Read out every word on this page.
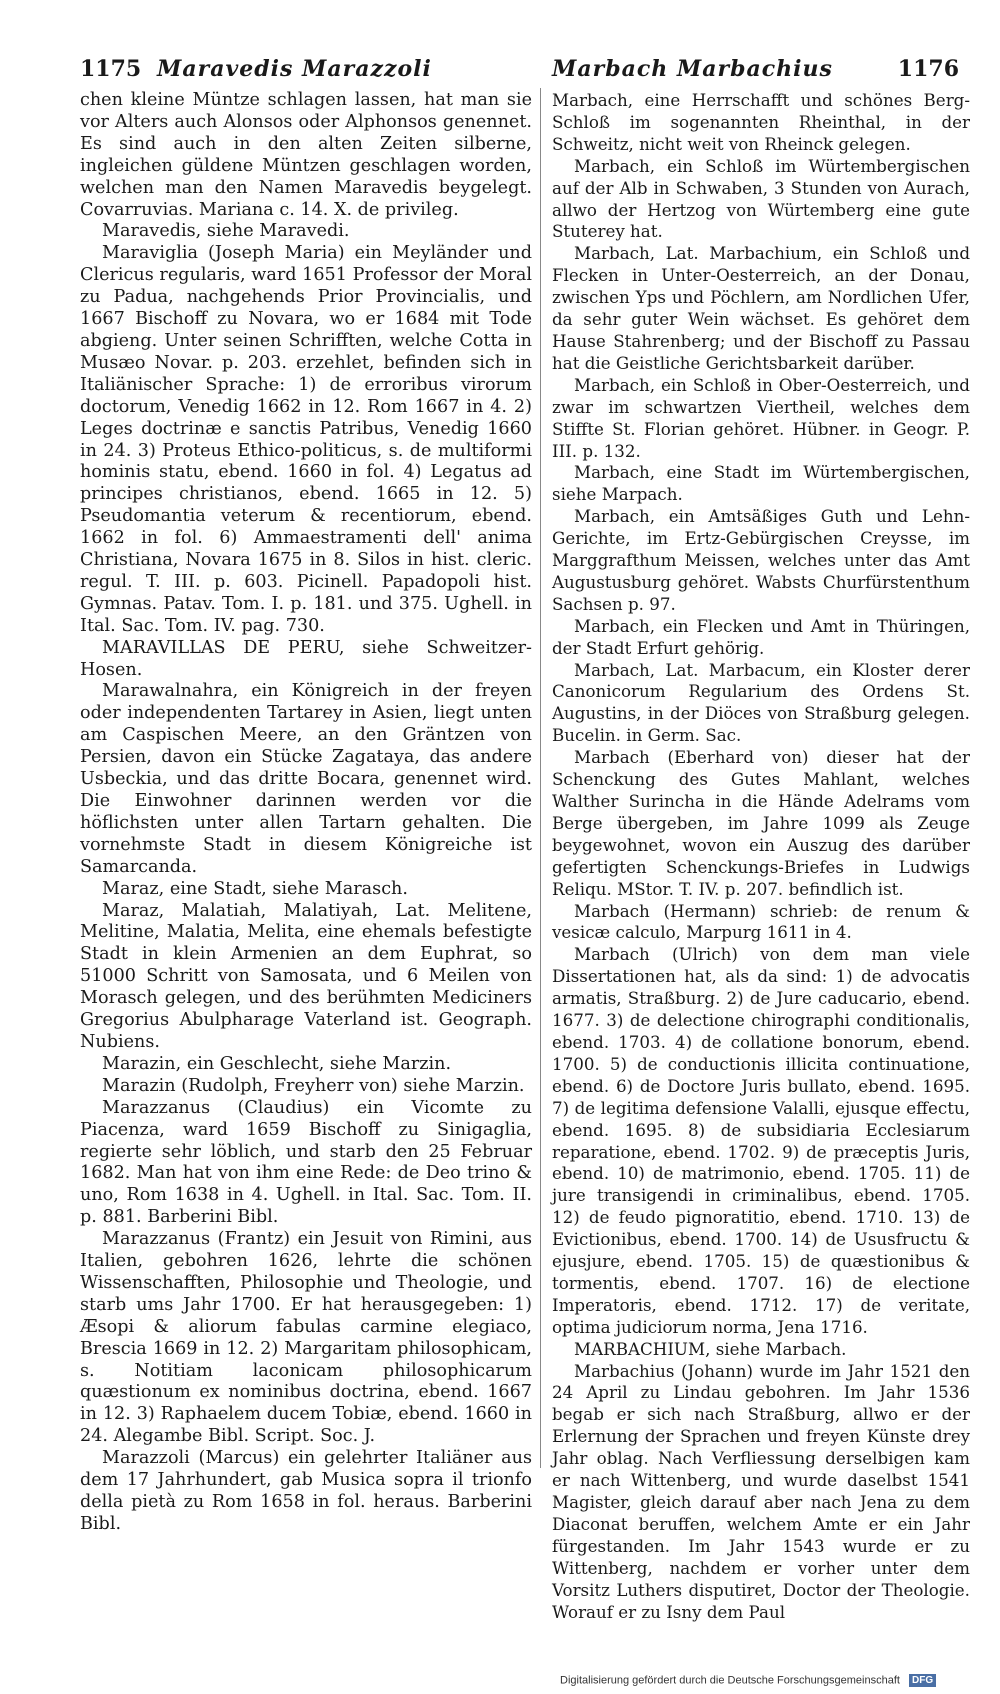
1175 Maravedis Marazzoli	Marbach Marbachius	1176

chen kleine Müntze schlagen lassen, hat man sie vor Alters auch Alonsos oder Alphonsos genennet. Es sind auch in den alten Zeiten silberne, ingleichen güldene Müntzen geschlagen worden, welchen man den Namen Maravedis beygelegt. Covarruvias. Mariana c. 14. X. de privileg.

Maravedis, siehe Maravedi.

Maraviglia (Joseph Maria) ein Meyländer und Clericus regularis, ward 1651 Professor der Moral zu Padua, nachgehends Prior Provincialis, und 1667 Bischoff zu Novara, wo er 1684 mit Tode abgieng. Unter seinen Schrifften, welche Cotta in Musæo Novar. p. 203. erzehlet, befinden sich in Italiänischer Sprache: 1) de erroribus virorum doctorum, Venedig 1662 in 12. Rom 1667 in 4. 2) Leges doctrinæ e sanctis Patribus, Venedig 1660 in 24. 3) Proteus Ethico-politicus, s. de multiformi hominis statu, ebend. 1660 in fol. 4) Legatus ad principes christianos, ebend. 1665 in 12. 5) Pseudomantia veterum & recentiorum, ebend. 1662 in fol. 6) Ammaestramenti dell' anima Christiana, Novara 1675 in 8. Silos in hist. cleric. regul. T. III. p. 603. Picinell. Papadopoli hist. Gymnas. Patav. Tom. I. p. 181. und 375. Ughell. in Ital. Sac. Tom. IV. pag. 730.

MARAVILLAS DE PERU, siehe Schweitzer-Hosen.

Marawalnahra, ein Königreich in der freyen oder independenten Tartarey in Asien, liegt unten am Caspischen Meere, an den Gräntzen von Persien, davon ein Stücke Zagataya, das andere Usbeckia, und das dritte Bocara, genennet wird. Die Einwohner darinnen werden vor die höflichsten unter allen Tartarn gehalten. Die vornehmste Stadt in diesem Königreiche ist Samarcanda.

Maraz, eine Stadt, siehe Marasch.

Maraz, Malatiah, Malatiyah, Lat. Melitene, Melitine, Malatia, Melita, eine ehemals befestigte Stadt in klein Armenien an dem Euphrat, so 51000 Schritt von Samosata, und 6 Meilen von Morasch gelegen, und des berühmten Mediciners Gregorius Abulpharage Vaterland ist. Geograph. Nubiens.

Marazin, ein Geschlecht, siehe Marzin.

Marazin (Rudolph, Freyherr von) siehe Marzin.

Marazzanus (Claudius) ein Vicomte zu Piacenza, ward 1659 Bischoff zu Sinigaglia, regierte sehr löblich, und starb den 25 Februar 1682. Man hat von ihm eine Rede: de Deo trino & uno, Rom 1638 in 4. Ughell. in Ital. Sac. Tom. II. p. 881. Barberini Bibl.

Marazzanus (Frantz) ein Jesuit von Rimini, aus Italien, gebohren 1626, lehrte die schönen Wissenschafften, Philosophie und Theologie, und starb ums Jahr 1700. Er hat herausgegeben: 1) Æsopi & aliorum fabulas carmine elegiaco, Brescia 1669 in 12. 2) Margaritam philosophicam, s. Notitiam laconicam philosophicarum quæstionum ex nominibus doctrina, ebend. 1667 in 12. 3) Raphaelem ducem Tobiæ, ebend. 1660 in 24. Alegambe Bibl. Script. Soc. J.

Marazzoli (Marcus) ein gelehrter Italiäner aus dem 17 Jahrhundert, gab Musica sopra il trionfo della pietà zu Rom 1658 in fol. heraus. Barberini Bibl.

Marbach, eine Herrschafft und schönes Berg-Schloß im sogenannten Rheinthal, in der Schweitz, nicht weit von Rheinck gelegen.

Marbach, ein Schloß im Würtembergischen auf der Alb in Schwaben, 3 Stunden von Aurach, allwo der Hertzog von Würtemberg eine gute Stuterey hat.

Marbach, Lat. Marbachium, ein Schloß und Flecken in Unter-Oesterreich, an der Donau, zwischen Yps und Pöchlern, am Nordlichen Ufer, da sehr guter Wein wächset. Es gehöret dem Hause Stahrenberg; und der Bischoff zu Passau hat die Geistliche Gerichtsbarkeit darüber.

Marbach, ein Schloß in Ober-Oesterreich, und zwar im schwartzen Viertheil, welches dem Stiffte St. Florian gehöret. Hübner. in Geogr. P. III. p. 132.

Marbach, eine Stadt im Würtembergischen, siehe Marpach.

Marbach, ein Amtsäßiges Guth und Lehn-Gerichte, im Ertz-Gebürgischen Creysse, im Marggrafthum Meissen, welches unter das Amt Augustusburg gehöret. Wabsts Churfürstenthum Sachsen p. 97.

Marbach, ein Flecken und Amt in Thüringen, der Stadt Erfurt gehörig.

Marbach, Lat. Marbacum, ein Kloster derer Canonicorum Regularium des Ordens St. Augustins, in der Diöces von Straßburg gelegen. Bucelin. in Germ. Sac.

Marbach (Eberhard von) dieser hat der Schenckung des Gutes Mahlant, welches Walther Surincha in die Hände Adelrams vom Berge übergeben, im Jahre 1099 als Zeuge beygewohnet, wovon ein Auszug des darüber gefertigten Schenckungs-Briefes in Ludwigs Reliqu. MStor. T. IV. p. 207. befindlich ist.

Marbach (Hermann) schrieb: de renum & vesicæ calculo, Marpurg 1611 in 4.

Marbach (Ulrich) von dem man viele Dissertationen hat, als da sind: 1) de advocatis armatis, Straßburg. 2) de Jure caducario, ebend. 1677. 3) de delectione chirographi conditionalis, ebend. 1703. 4) de collatione bonorum, ebend. 1700. 5) de conductionis illicita continuatione, ebend. 6) de Doctore Juris bullato, ebend. 1695. 7) de legitima defensione Valalli, ejusque effectu, ebend. 1695. 8) de subsidiaria Ecclesiarum reparatione, ebend. 1702. 9) de præceptis Juris, ebend. 10) de matrimonio, ebend. 1705. 11) de jure transigendi in criminalibus, ebend. 1705. 12) de feudo pignoratitio, ebend. 1710. 13) de Evictionibus, ebend. 1700. 14) de Ususfructu & ejusjure, ebend. 1705. 15) de quæstionibus & tormentis, ebend. 1707. 16) de electione Imperatoris, ebend. 1712. 17) de veritate, optima judiciorum norma, Jena 1716.

MARBACHIUM, siehe Marbach.

Marbachius (Johann) wurde im Jahr 1521 den 24 April zu Lindau gebohren. Im Jahr 1536 begab er sich nach Straßburg, allwo er der Erlernung der Sprachen und freyen Künste drey Jahr oblag. Nach Verfliessung derselbigen kam er nach Wittenberg, und wurde daselbst 1541 Magister, gleich darauf aber nach Jena zu dem Diaconat beruffen, welchem Amte er ein Jahr fürgestanden. Im Jahr 1543 wurde er zu Wittenberg, nachdem er vorher unter dem Vorsitz Luthers disputiret, Doctor der Theologie. Worauf er zu Isny dem Paul

Digitalisierung gefördert durch die Deutsche Forschungsgemeinschaft DFG
